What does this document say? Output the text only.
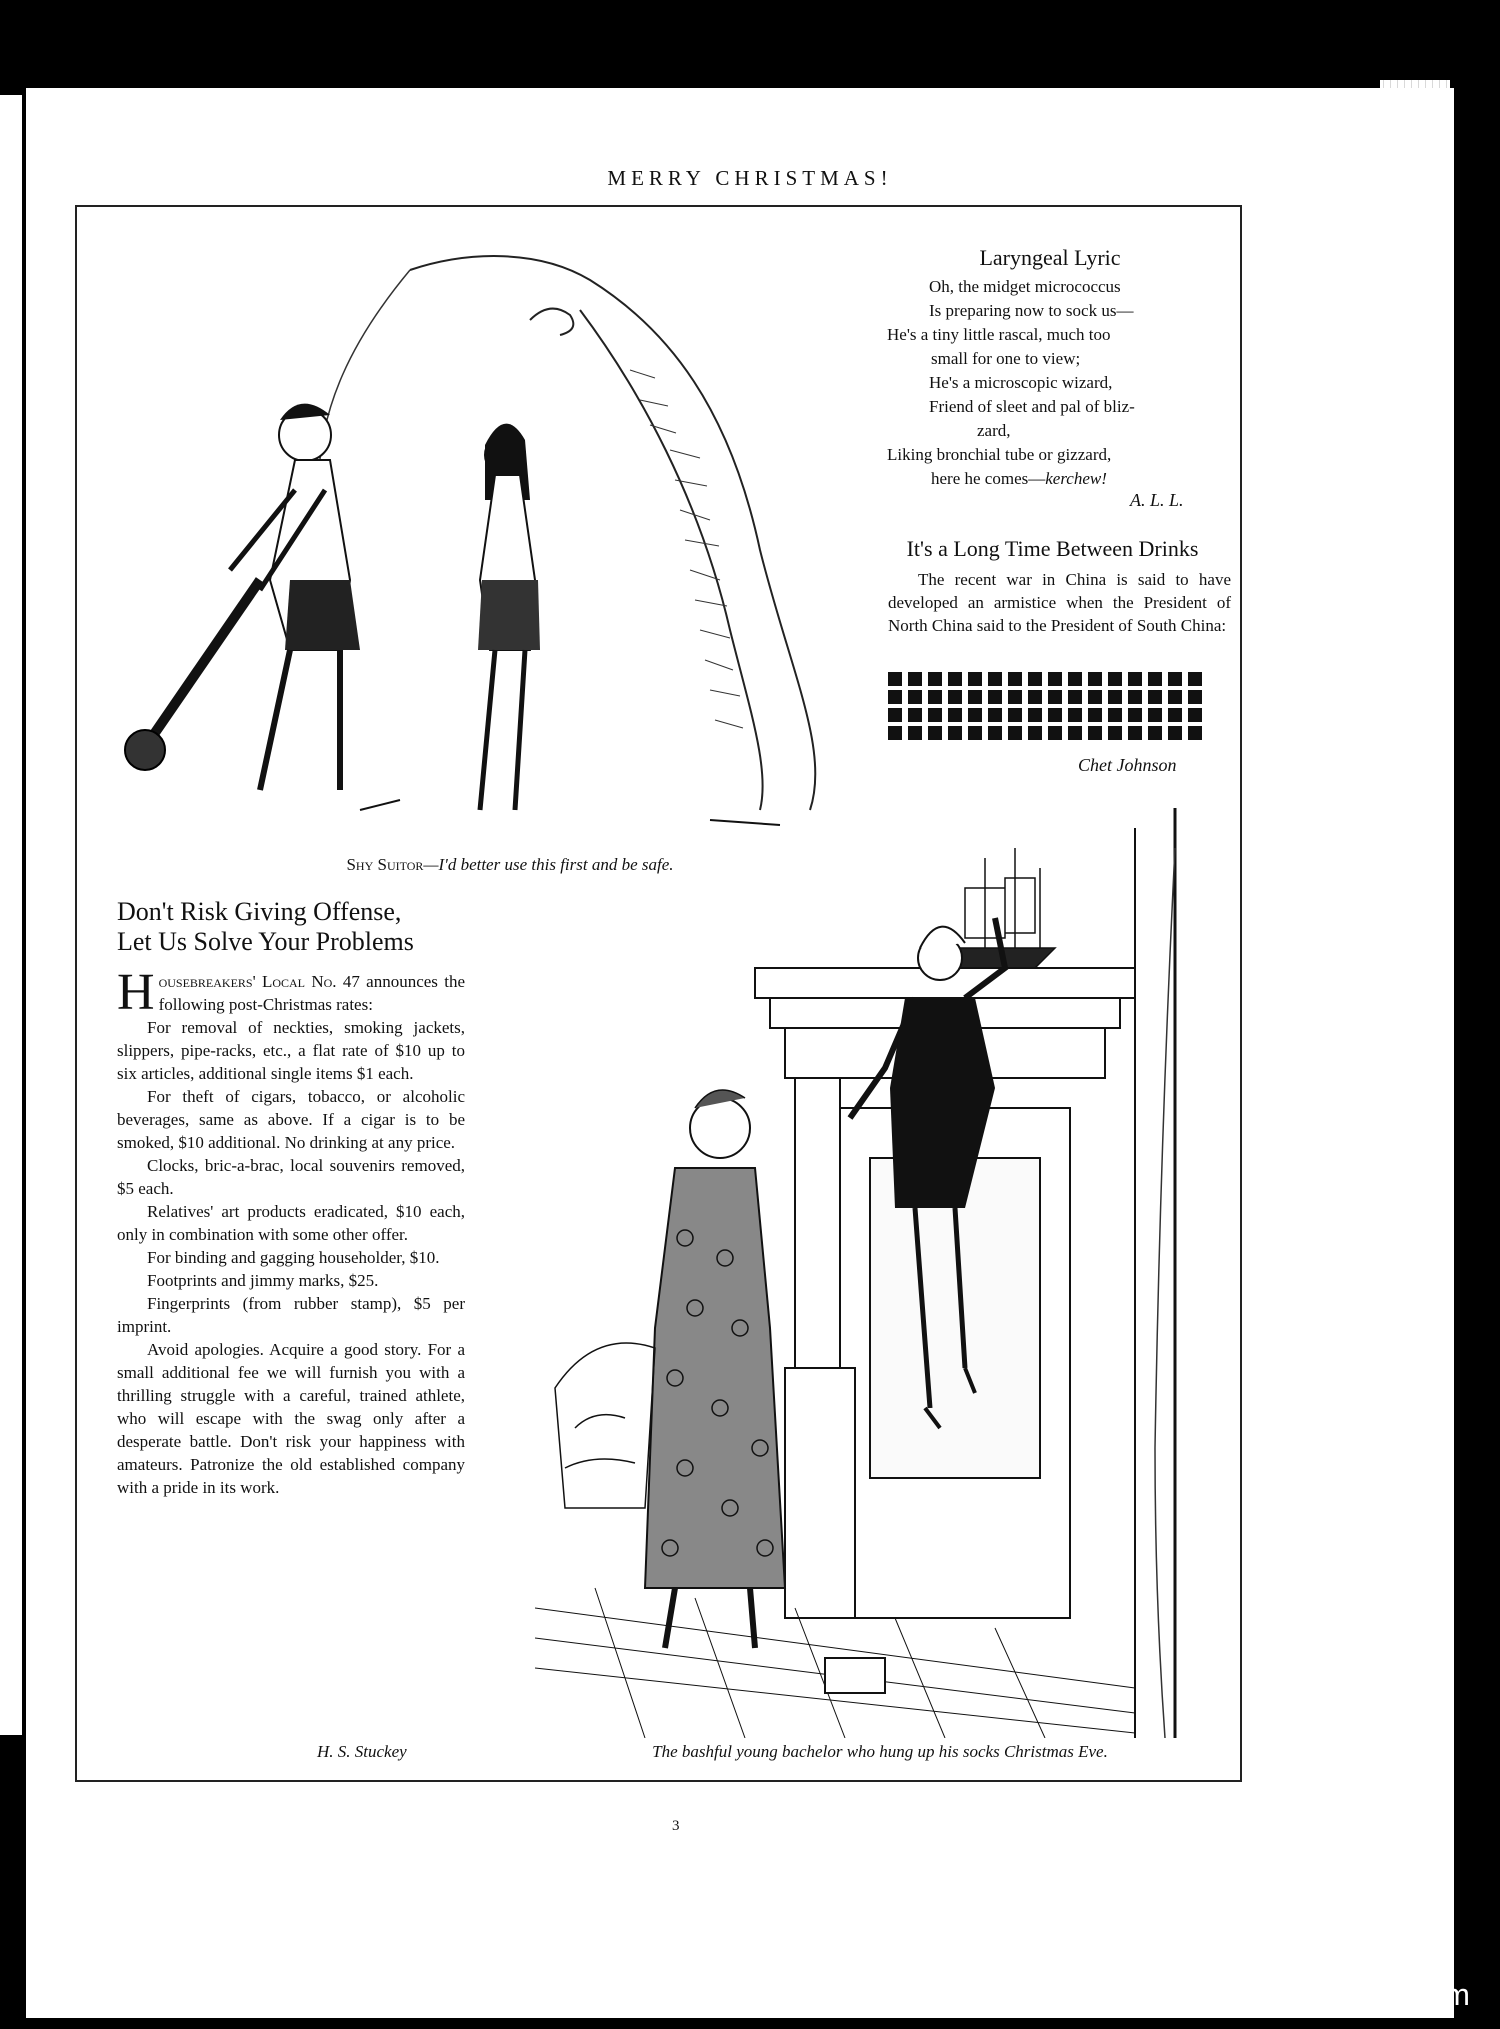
MERRY CHRISTMAS!
Shy Suitor—I'd better use this first and be safe.
Laryngeal Lyric
Oh, the midget micrococcus
Is preparing now to sock us—
He's a tiny little rascal, much too
small for one to view;
He's a microscopic wizard,
Friend of sleet and pal of bliz-
zard,
Liking bronchial tube or gizzard,
here he comes—kerchew!
A. L. L.
It's a Long Time Between Drinks
The recent war in China is said to have developed an armistice when the President of North China said to the President of South China:
Chet Johnson
Don't Risk Giving Offense,
Let Us Solve Your Problems

Housebreakers' Local No. 47 announces the following post-Christmas rates:

For removal of neckties, smoking jackets, slippers, pipe-racks, etc., a flat rate of $10 up to six articles, additional single items $1 each.

For theft of cigars, tobacco, or alcoholic beverages, same as above. If a cigar is to be smoked, $10 additional. No drinking at any price.

Clocks, bric-a-brac, local souvenirs removed, $5 each.

Relatives' art products eradicated, $10 each, only in combination with some other offer.

For binding and gagging householder, $10.

Footprints and jimmy marks, $25.

Fingerprints (from rubber stamp), $5 per imprint.

Avoid apologies. Acquire a good story. For a small additional fee we will furnish you with a thrilling struggle with a careful, trained athlete, who will escape with the swag only after a desperate battle. Don't risk your happiness with amateurs. Patronize the old established company with a pride in its work.

H. S. Stuckey	The bashful young bachelor who hung up his socks Christmas Eve.
3
comicbooks.com
